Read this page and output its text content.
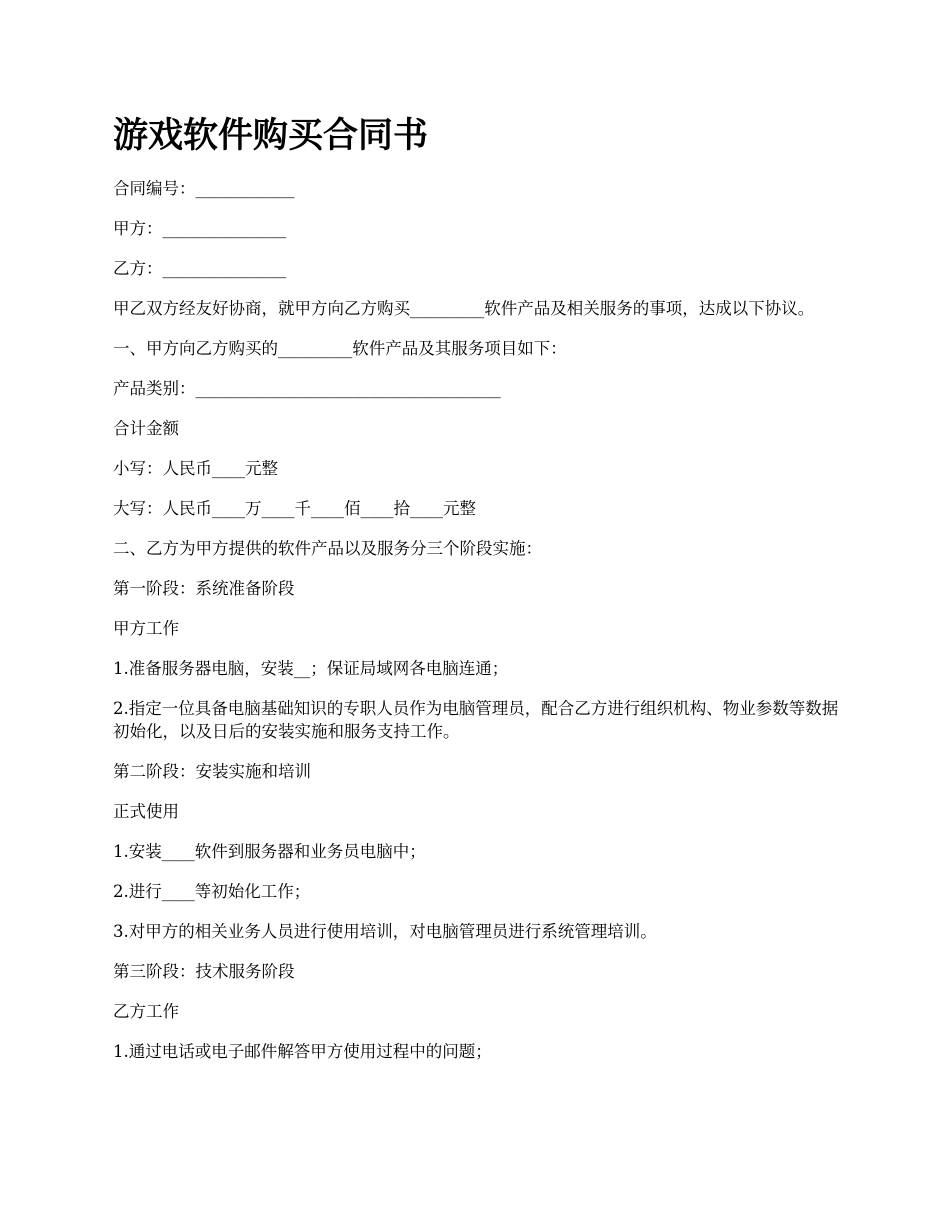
游戏软件购买合同书

合同编号：____________

甲方：_______________

乙方：_______________

甲乙双方经友好协商，就甲方向乙方购买_________软件产品及相关服务的事项，达成以下协议。

一、甲方向乙方购买的_________软件产品及其服务项目如下：

产品类别：_____________________________________

合计金额

小写：人民币____元整

大写：人民币____万____千____佰____拾____元整

二、乙方为甲方提供的软件产品以及服务分三个阶段实施：

第一阶段：系统准备阶段

甲方工作

1.准备服务器电脑，安装__；保证局域网各电脑连通；

2.指定一位具备电脑基础知识的专职人员作为电脑管理员，配合乙方进行组织机构、物业参数等数据初始化，以及日后的安装实施和服务支持工作。

第二阶段：安装实施和培训

正式使用

1.安装____软件到服务器和业务员电脑中；

2.进行____等初始化工作；

3.对甲方的相关业务人员进行使用培训，对电脑管理员进行系统管理培训。

第三阶段：技术服务阶段

乙方工作

1.通过电话或电子邮件解答甲方使用过程中的问题；
